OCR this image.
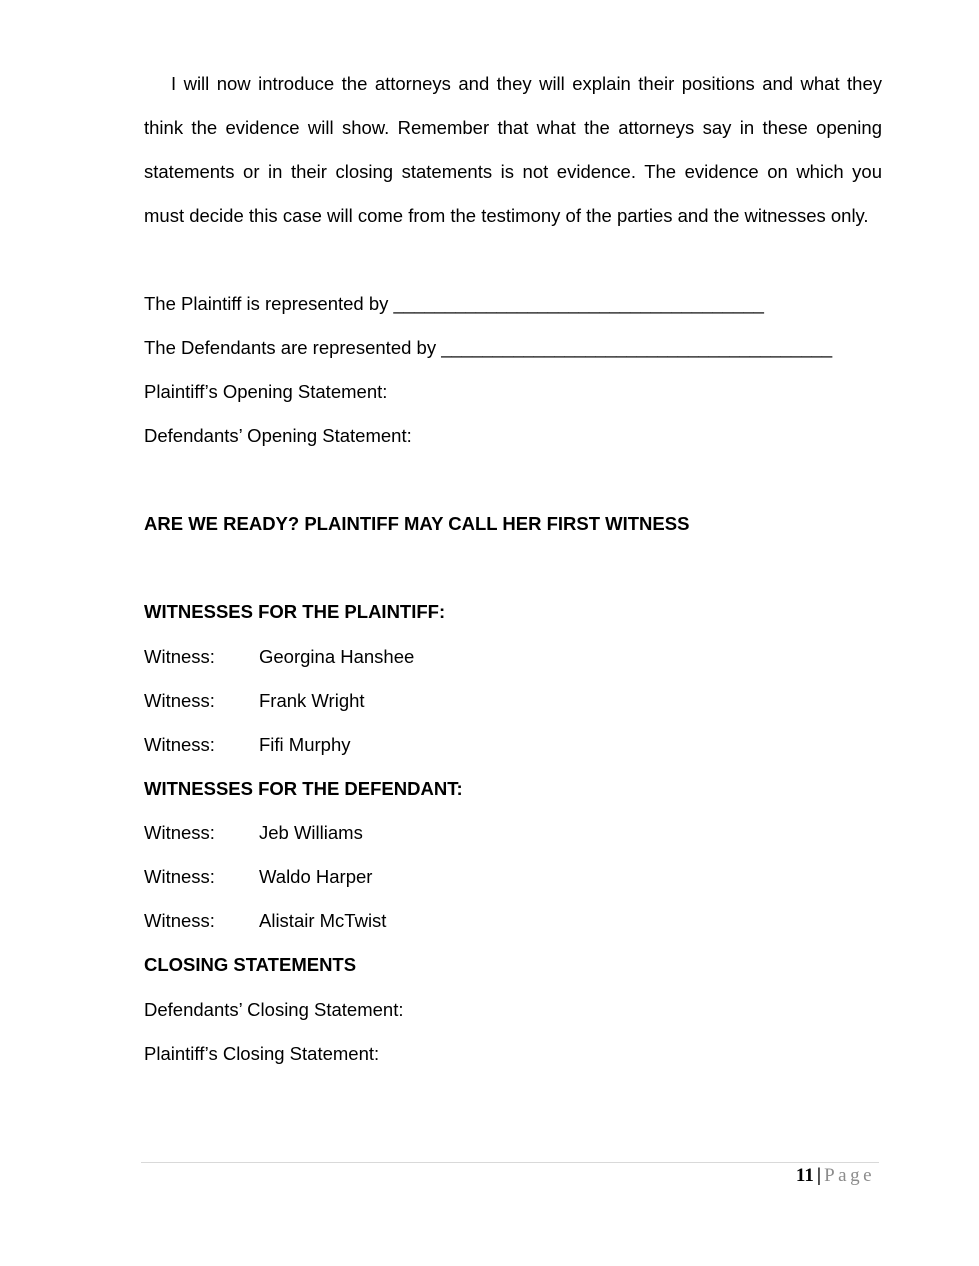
I will now introduce the attorneys and they will explain their positions and what they think the evidence will show. Remember that what the attorneys say in these opening statements or in their closing statements is not evidence. The evidence on which you must decide this case will come from the testimony of the parties and the witnesses only.
The Plaintiff is represented by ____________________________________
The Defendants are represented by ______________________________________
Plaintiff’s Opening Statement:
Defendants’ Opening Statement:
ARE WE READY? PLAINTIFF MAY CALL HER FIRST WITNESS
WITNESSES FOR THE PLAINTIFF:
Witness: Georgina Hanshee
Witness: Frank Wright
Witness: Fifi Murphy
WITNESSES FOR THE DEFENDANT:
Witness: Jeb Williams
Witness: Waldo Harper
Witness: Alistair McTwist
CLOSING STATEMENTS
Defendants’ Closing Statement:
Plaintiff’s Closing Statement:
11 | Page
